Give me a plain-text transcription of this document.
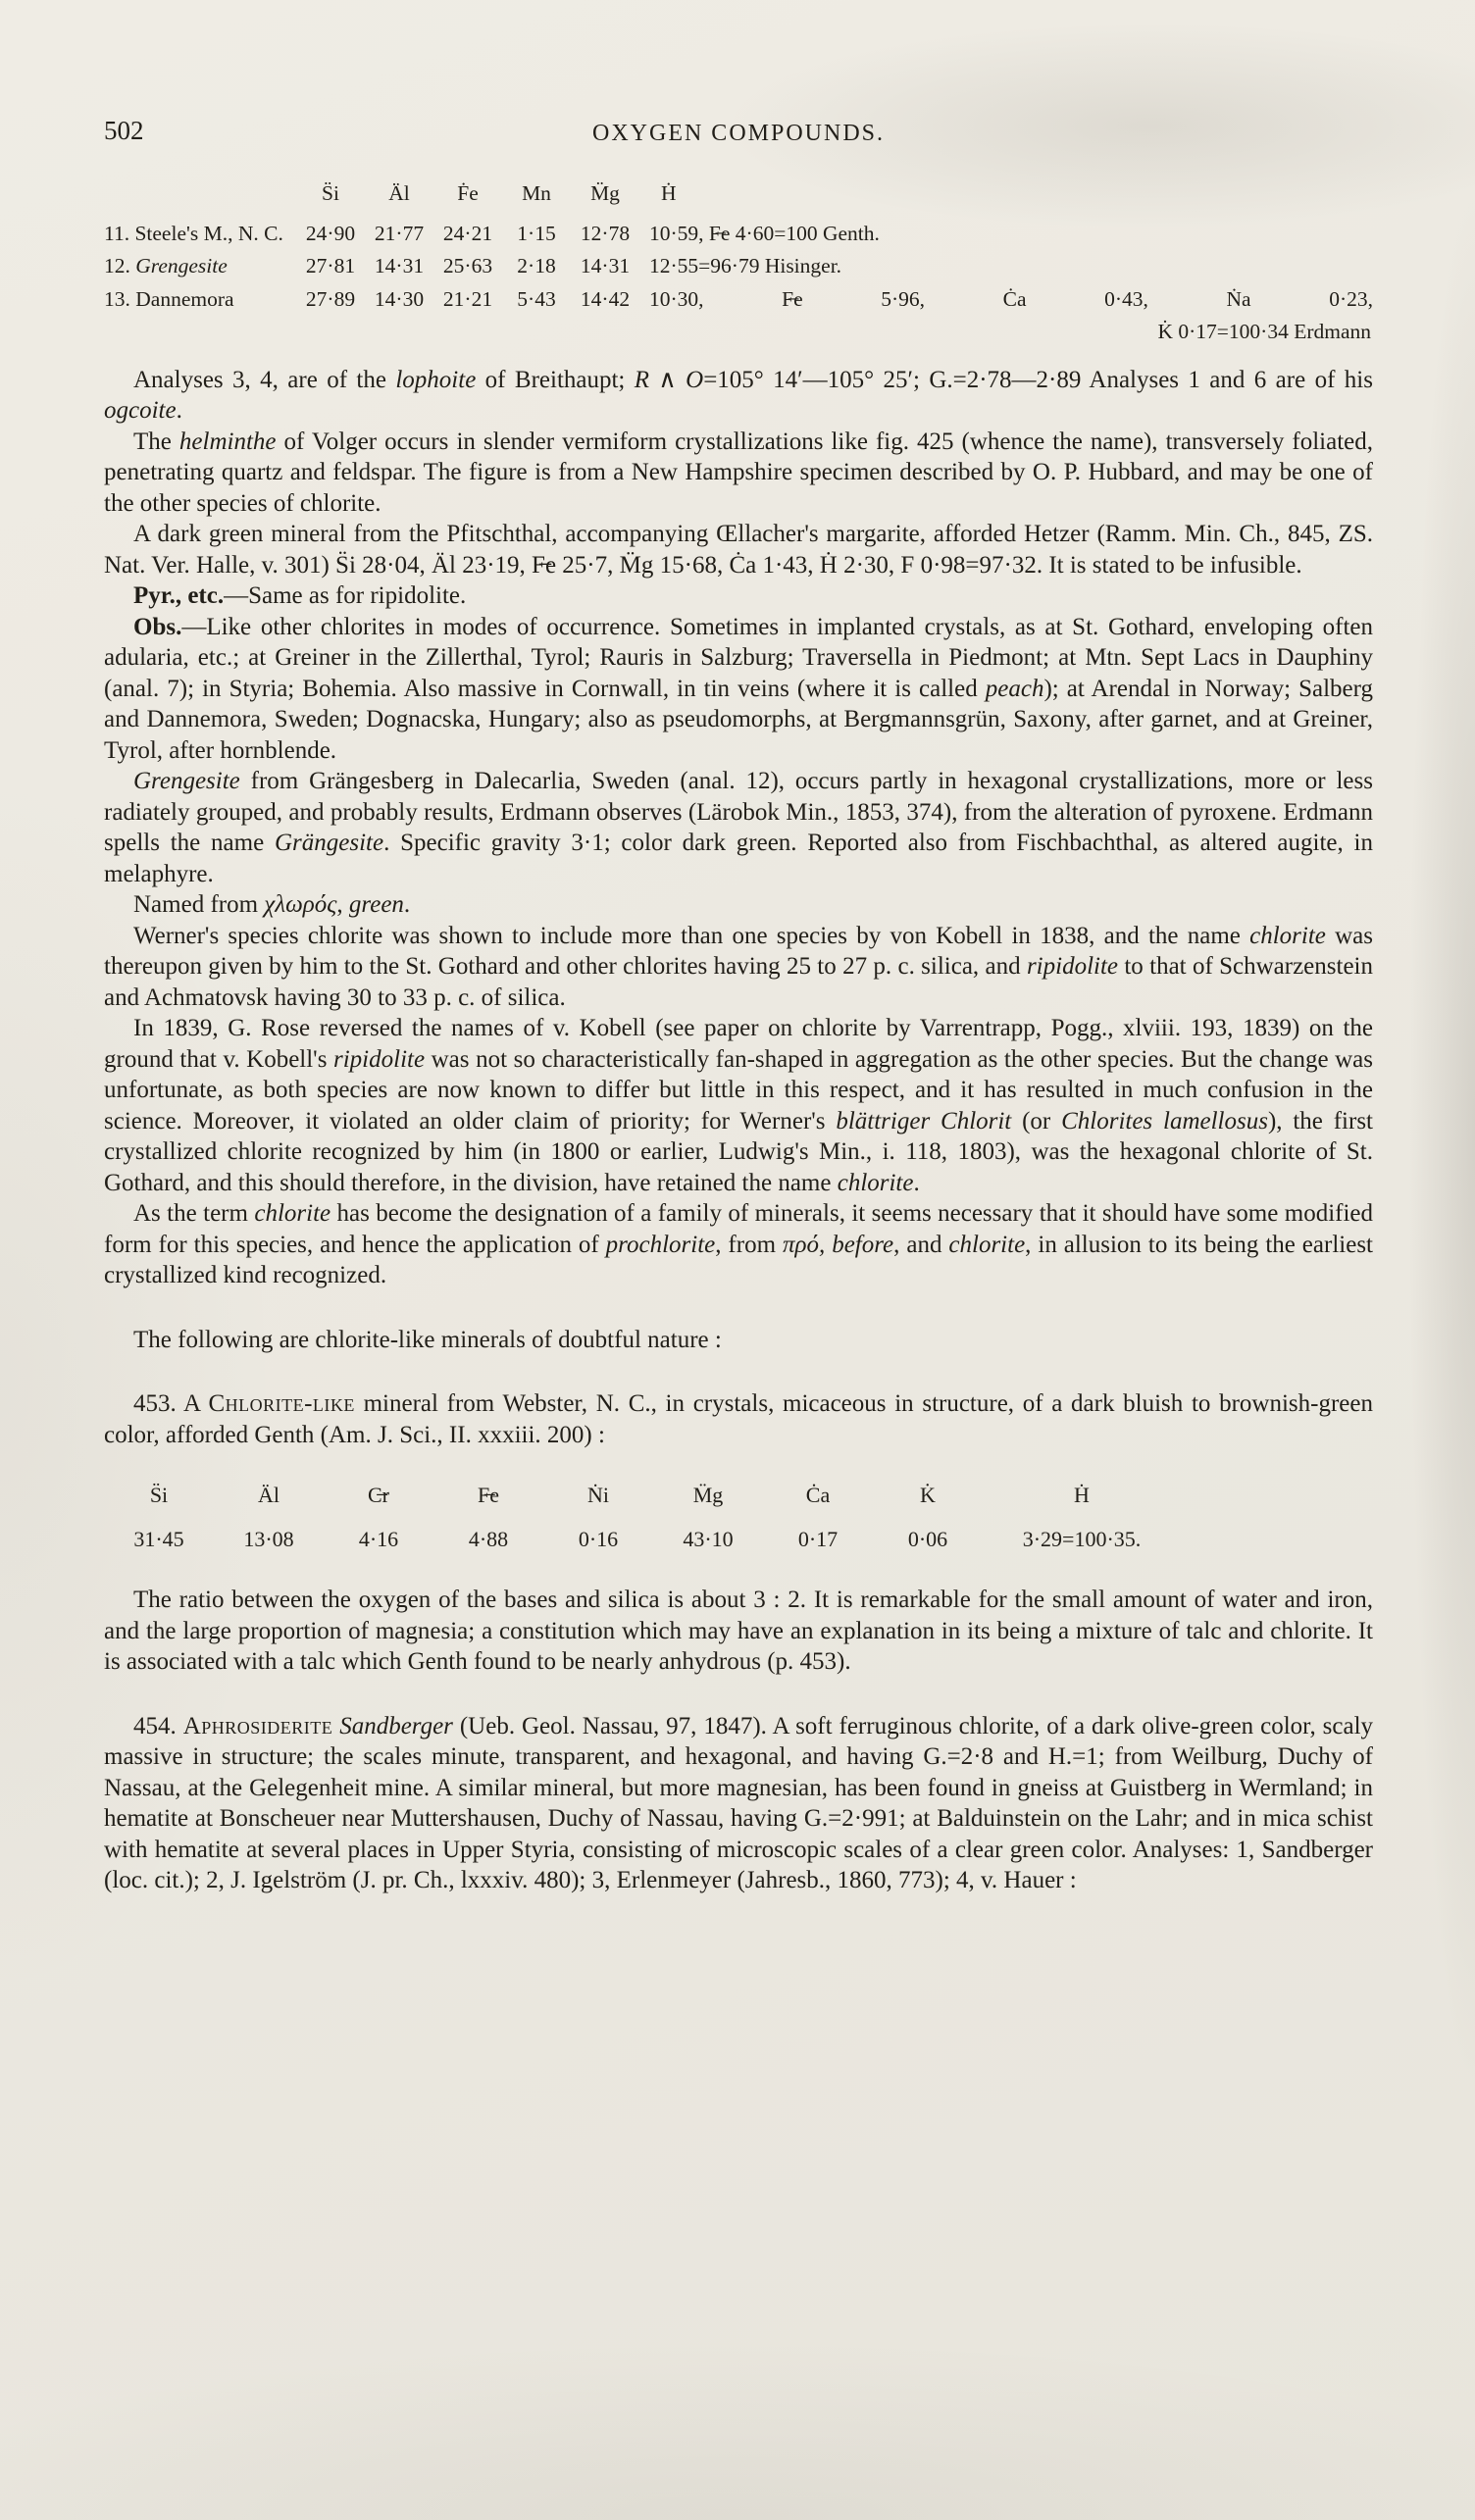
502	OXYGEN COMPOUNDS.
	S̈i	Äl	Ḟe	Mn	M̈g	Ḣ
11. Steele's M., N. C.	24·90	21·77	24·21	1·15	12·78	10·59, F̶e 4·60=100 Genth.
12. Grengesite	27·81	14·31	25·63	2·18	14·31	12·55=96·79 Hisinger.
13. Dannemora	27·89	14·30	21·21	5·43	14·42	10·30, F̶e 5·96, Ċa 0·43, Ṅa 0·23,
K̇ 0·17=100·34 Erdmann						

Analyses 3, 4, are of the lophoite of Breithaupt; R ∧ O=105° 14′—105° 25′; G.=2·78—2·89 Analyses 1 and 6 are of his ogcoite.

The helminthe of Volger occurs in slender vermiform crystallizations like fig. 425 (whence the name), transversely foliated, penetrating quartz and feldspar. The figure is from a New Hampshire specimen described by O. P. Hubbard, and may be one of the other species of chlorite.

A dark green mineral from the Pfitschthal, accompanying Œllacher's margarite, afforded Hetzer (Ramm. Min. Ch., 845, ZS. Nat. Ver. Halle, v. 301) S̈i 28·04, Äl 23·19, F̶e 25·7, M̈g 15·68, Ċa 1·43, Ḣ 2·30, F 0·98=97·32. It is stated to be infusible.

Pyr., etc.—Same as for ripidolite.

Obs.—Like other chlorites in modes of occurrence. Sometimes in implanted crystals, as at St. Gothard, enveloping often adularia, etc.; at Greiner in the Zillerthal, Tyrol; Rauris in Salzburg; Traversella in Piedmont; at Mtn. Sept Lacs in Dauphiny (anal. 7); in Styria; Bohemia. Also massive in Cornwall, in tin veins (where it is called peach); at Arendal in Norway; Salberg and Dannemora, Sweden; Dognacska, Hungary; also as pseudomorphs, at Bergmannsgrün, Saxony, after garnet, and at Greiner, Tyrol, after hornblende.

Grengesite from Grängesberg in Dalecarlia, Sweden (anal. 12), occurs partly in hexagonal crystallizations, more or less radiately grouped, and probably results, Erdmann observes (Lärobok Min., 1853, 374), from the alteration of pyroxene. Erdmann spells the name Grängesite. Specific gravity 3·1; color dark green. Reported also from Fischbachthal, as altered augite, in melaphyre.

Named from χλωρός, green.

Werner's species chlorite was shown to include more than one species by von Kobell in 1838, and the name chlorite was thereupon given by him to the St. Gothard and other chlorites having 25 to 27 p. c. silica, and ripidolite to that of Schwarzenstein and Achmatovsk having 30 to 33 p. c. of silica.

In 1839, G. Rose reversed the names of v. Kobell (see paper on chlorite by Varrentrapp, Pogg., xlviii. 193, 1839) on the ground that v. Kobell's ripidolite was not so characteristically fan-shaped in aggregation as the other species. But the change was unfortunate, as both species are now known to differ but little in this respect, and it has resulted in much confusion in the science. Moreover, it violated an older claim of priority; for Werner's blättriger Chlorit (or Chlorites lamellosus), the first crystallized chlorite recognized by him (in 1800 or earlier, Ludwig's Min., i. 118, 1803), was the hexagonal chlorite of St. Gothard, and this should therefore, in the division, have retained the name chlorite.

As the term chlorite has become the designation of a family of minerals, it seems necessary that it should have some modified form for this species, and hence the application of prochlorite, from πρό, before, and chlorite, in allusion to its being the earliest crystallized kind recognized.

The following are chlorite-like minerals of doubtful nature :

453. A Chlorite-like mineral from Webster, N. C., in crystals, micaceous in structure, of a dark bluish to brownish-green color, afforded Genth (Am. J. Sci., II. xxxiii. 200) :

S̈i	Äl	C̶r	F̶e	Ṅi	M̈g	Ċa	K̇	Ḣ
31·45	13·08	4·16	4·88	0·16	43·10	0·17	0·06	3·29=100·35.

The ratio between the oxygen of the bases and silica is about 3 : 2. It is remarkable for the small amount of water and iron, and the large proportion of magnesia; a constitution which may have an explanation in its being a mixture of talc and chlorite. It is associated with a talc which Genth found to be nearly anhydrous (p. 453).

454. Aphrosiderite Sandberger (Ueb. Geol. Nassau, 97, 1847). A soft ferruginous chlorite, of a dark olive-green color, scaly massive in structure; the scales minute, transparent, and hexagonal, and having G.=2·8 and H.=1; from Weilburg, Duchy of Nassau, at the Gelegenheit mine. A similar mineral, but more magnesian, has been found in gneiss at Guistberg in Wermland; in hematite at Bonscheuer near Muttershausen, Duchy of Nassau, having G.=2·991; at Balduinstein on the Lahr; and in mica schist with hematite at several places in Upper Styria, consisting of microscopic scales of a clear green color. Analyses: 1, Sandberger (loc. cit.); 2, J. Igelström (J. pr. Ch., lxxxiv. 480); 3, Erlenmeyer (Jahresb., 1860, 773); 4, v. Hauer :
